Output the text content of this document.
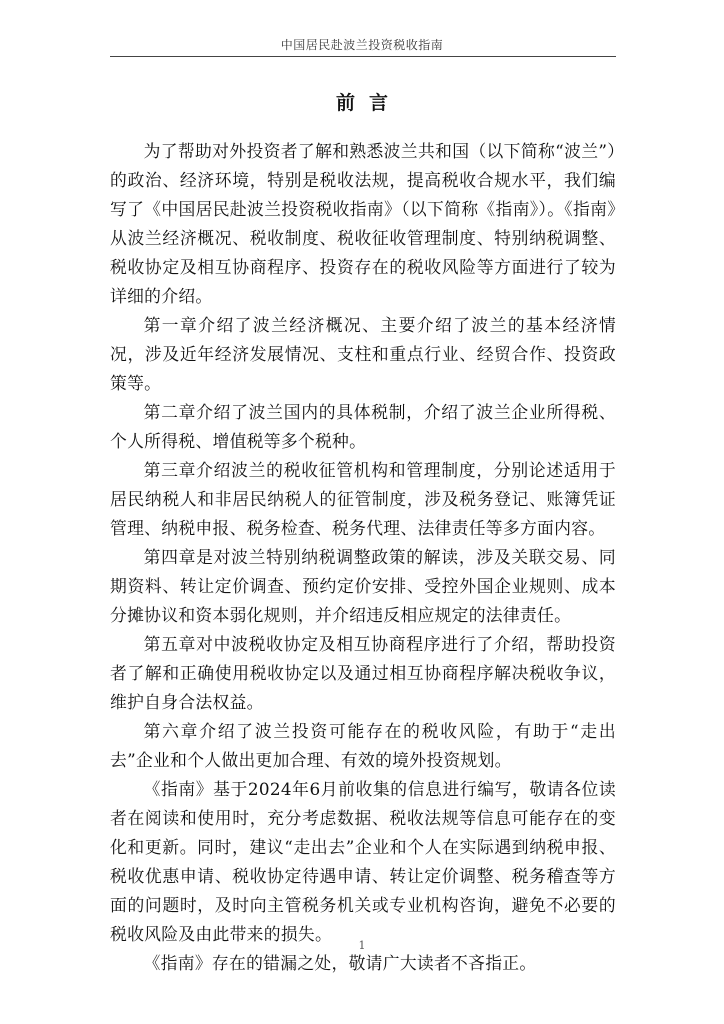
中国居民赴波兰投资税收指南
前言

为了帮助对外投资者了解和熟悉波兰共和国（以下简称“波兰”）的政治、经济环境，特别是税收法规，提高税收合规水平，我们编写了《中国居民赴波兰投资税收指南》（以下简称《指南》）。《指南》从波兰经济概况、税收制度、税收征收管理制度、特别纳税调整、税收协定及相互协商程序、投资存在的税收风险等方面进行了较为详细的介绍。

第一章介绍了波兰经济概况、主要介绍了波兰的基本经济情况，涉及近年经济发展情况、支柱和重点行业、经贸合作、投资政策等。

第二章介绍了波兰国内的具体税制，介绍了波兰企业所得税、个人所得税、增值税等多个税种。

第三章介绍波兰的税收征管机构和管理制度，分别论述适用于居民纳税人和非居民纳税人的征管制度，涉及税务登记、账簿凭证管理、纳税申报、税务检查、税务代理、法律责任等多方面内容。

第四章是对波兰特别纳税调整政策的解读，涉及关联交易、同期资料、转让定价调查、预约定价安排、受控外国企业规则、成本分摊协议和资本弱化规则，并介绍违反相应规定的法律责任。

第五章对中波税收协定及相互协商程序进行了介绍，帮助投资者了解和正确使用税收协定以及通过相互协商程序解决税收争议，维护自身合法权益。

第六章介绍了波兰投资可能存在的税收风险，有助于“走出去”企业和个人做出更加合理、有效的境外投资规划。

《指南》基于2024年6月前收集的信息进行编写，敬请各位读者在阅读和使用时，充分考虑数据、税收法规等信息可能存在的变化和更新。同时，建议“走出去”企业和个人在实际遇到纳税申报、税收优惠申请、税收协定待遇申请、转让定价调整、税务稽查等方面的问题时，及时向主管税务机关或专业机构咨询，避免不必要的税收风险及由此带来的损失。

《指南》存在的错漏之处，敬请广大读者不吝指正。

1
